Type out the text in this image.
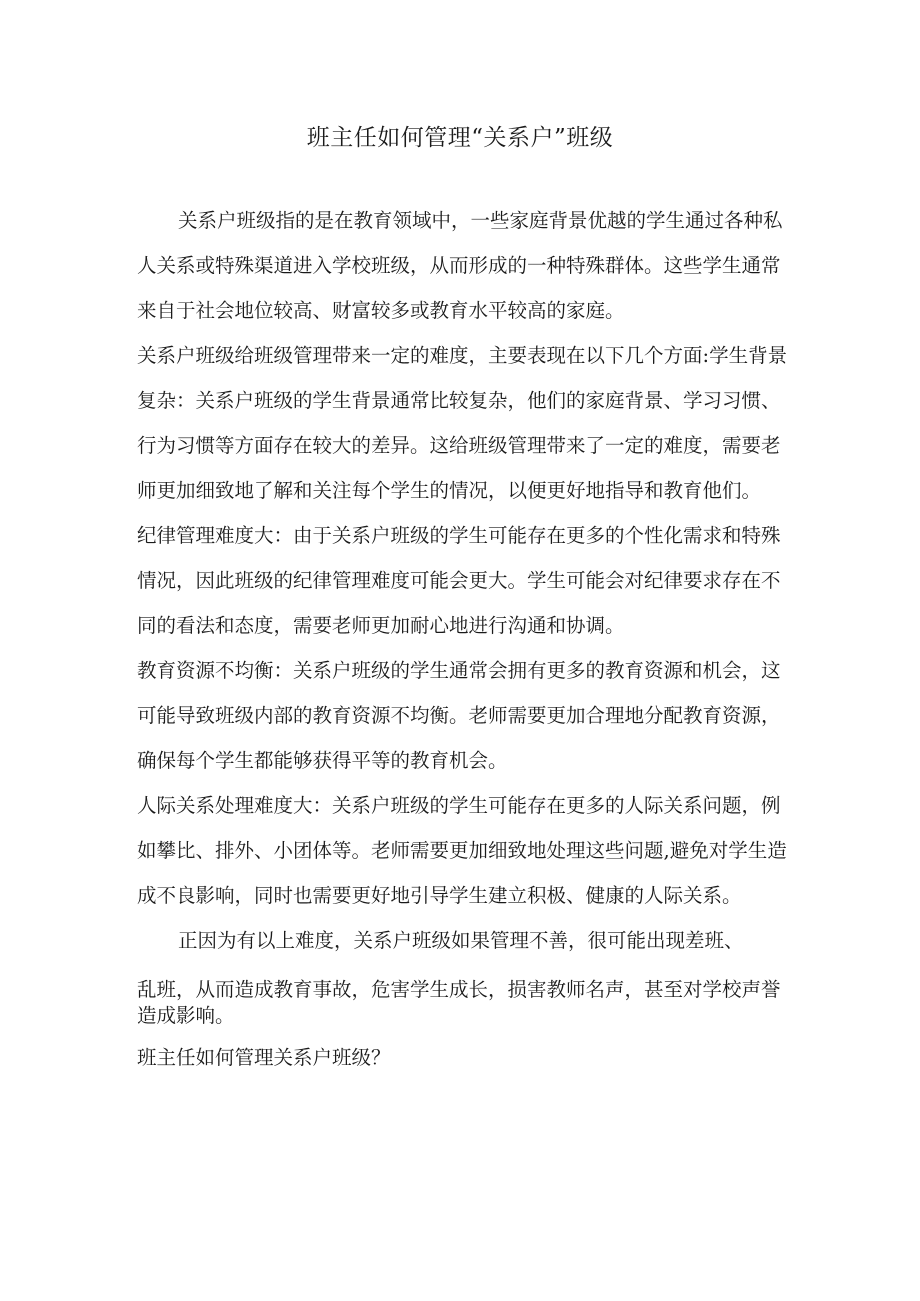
班主任如何管理“关系户”班级

关系户班级指的是在教育领域中，一些家庭背景优越的学生通过各种私人关系或特殊渠道进入学校班级，从而形成的一种特殊群体。这些学生通常来自于社会地位较高、财富较多或教育水平较高的家庭。

关系户班级给班级管理带来一定的难度，主要表现在以下几个方面:学生背景复杂：关系户班级的学生背景通常比较复杂，他们的家庭背景、学习习惯、行为习惯等方面存在较大的差异。这给班级管理带来了一定的难度，需要老师更加细致地了解和关注每个学生的情况，以便更好地指导和教育他们。

纪律管理难度大：由于关系户班级的学生可能存在更多的个性化需求和特殊情况，因此班级的纪律管理难度可能会更大。学生可能会对纪律要求存在不同的看法和态度，需要老师更加耐心地进行沟通和协调。

教育资源不均衡：关系户班级的学生通常会拥有更多的教育资源和机会，这可能导致班级内部的教育资源不均衡。老师需要更加合理地分配教育资源，确保每个学生都能够获得平等的教育机会。

人际关系处理难度大：关系户班级的学生可能存在更多的人际关系问题，例如攀比、排外、小团体等。老师需要更加细致地处理这些问题,避免对学生造成不良影响，同时也需要更好地引导学生建立积极、健康的人际关系。

正因为有以上难度，关系户班级如果管理不善，很可能出现差班、
乱班，从而造成教育事故，危害学生成长，损害教师名声，甚至对学校声誉造成影响。

班主任如何管理关系户班级？
